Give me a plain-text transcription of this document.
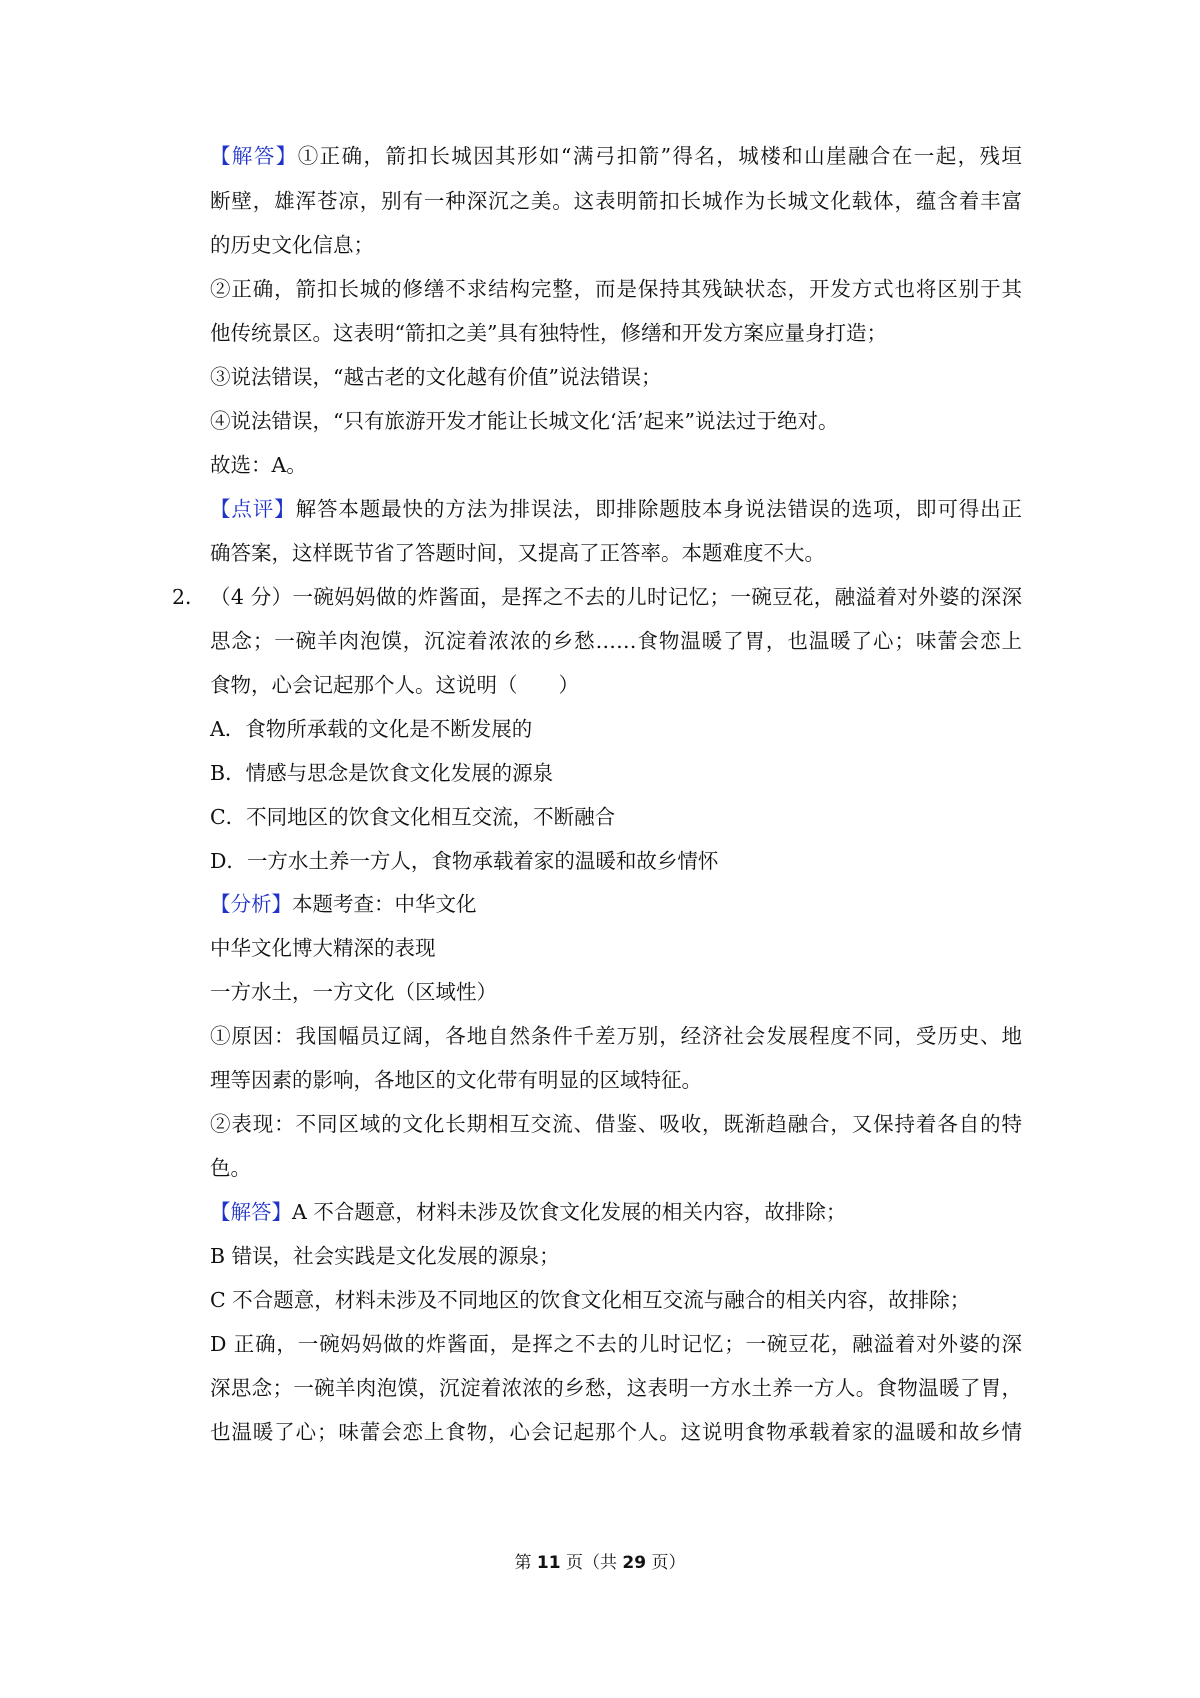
【解答】①正确，箭扣长城因其形如“满弓扣箭”得名，城楼和山崖融合在一起，残垣
断壁，雄浑苍凉，别有一种深沉之美。这表明箭扣长城作为长城文化载体，蕴含着丰富
的历史文化信息；
②正确，箭扣长城的修缮不求结构完整，而是保持其残缺状态，开发方式也将区别于其
他传统景区。这表明“箭扣之美”具有独特性，修缮和开发方案应量身打造；
③说法错误，“越古老的文化越有价值”说法错误；
④说法错误，“只有旅游开发才能让长城文化‘活’起来”说法过于绝对。
故选：A。
【点评】解答本题最快的方法为排误法，即排除题肢本身说法错误的选项，即可得出正
确答案，这样既节省了答题时间，又提高了正答率。本题难度不大。
2． （4 分）一碗妈妈做的炸酱面，是挥之不去的儿时记忆；一碗豆花，融溢着对外婆的深深
思念；一碗羊肉泡馍，沉淀着浓浓的乡愁……食物温暖了胃，也温暖了心；味蕾会恋上
食物，心会记起那个人。这说明（　　）
A．食物所承载的文化是不断发展的
B．情感与思念是饮食文化发展的源泉
C．不同地区的饮食文化相互交流，不断融合
D．一方水土养一方人，食物承载着家的温暖和故乡情怀
【分析】本题考查：中华文化
中华文化博大精深的表现
一方水土，一方文化（区域性）
①原因：我国幅员辽阔，各地自然条件千差万别，经济社会发展程度不同，受历史、地
理等因素的影响，各地区的文化带有明显的区域特征。
②表现：不同区域的文化长期相互交流、借鉴、吸收，既渐趋融合，又保持着各自的特
色。
【解答】A 不合题意，材料未涉及饮食文化发展的相关内容，故排除；
B 错误，社会实践是文化发展的源泉；
C 不合题意，材料未涉及不同地区的饮食文化相互交流与融合的相关内容，故排除；
D 正确，一碗妈妈做的炸酱面，是挥之不去的儿时记忆；一碗豆花，融溢着对外婆的深
深思念；一碗羊肉泡馍，沉淀着浓浓的乡愁，这表明一方水土养一方人。食物温暖了胃，
也温暖了心；味蕾会恋上食物，心会记起那个人。这说明食物承载着家的温暖和故乡情
第 11 页（共 29 页）
